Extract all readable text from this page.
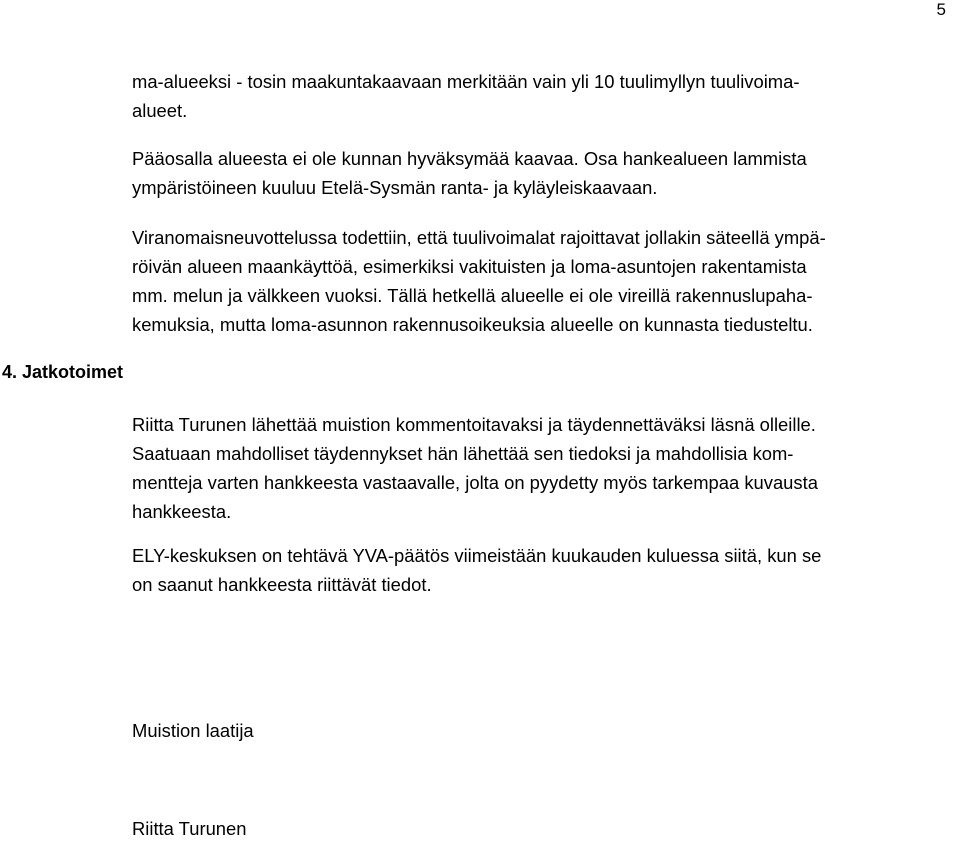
5

ma-alueeksi - tosin maakuntakaavaan merkitään vain yli 10 tuulimyllyn tuulivoima-
alueet.

Pääosalla alueesta ei ole kunnan hyväksymää kaavaa. Osa hankealueen lammista
ympäristöineen kuuluu Etelä-Sysmän ranta- ja kyläyleiskaavaan.

Viranomaisneuvottelussa todettiin, että tuulivoimalat rajoittavat jollakin säteellä ympä-
röivän alueen maankäyttöä, esimerkiksi vakituisten ja loma-asuntojen rakentamista
mm. melun ja välkkeen vuoksi. Tällä hetkellä alueelle ei ole vireillä rakennuslupaha-
kemuksia, mutta loma-asunnon rakennusoikeuksia alueelle on kunnasta tiedusteltu.

4. Jatkotoimet

Riitta Turunen lähettää muistion kommentoitavaksi ja täydennettäväksi läsnä olleille.
Saatuaan mahdolliset täydennykset hän lähettää sen tiedoksi ja mahdollisia kom-
mentteja varten hankkeesta vastaavalle, jolta on pyydetty myös tarkempaa kuvausta
hankkeesta.

ELY-keskuksen on tehtävä YVA-päätös viimeistään kuukauden kuluessa siitä, kun se
on saanut hankkeesta riittävät tiedot.

Muistion laatija

Riitta Turunen
